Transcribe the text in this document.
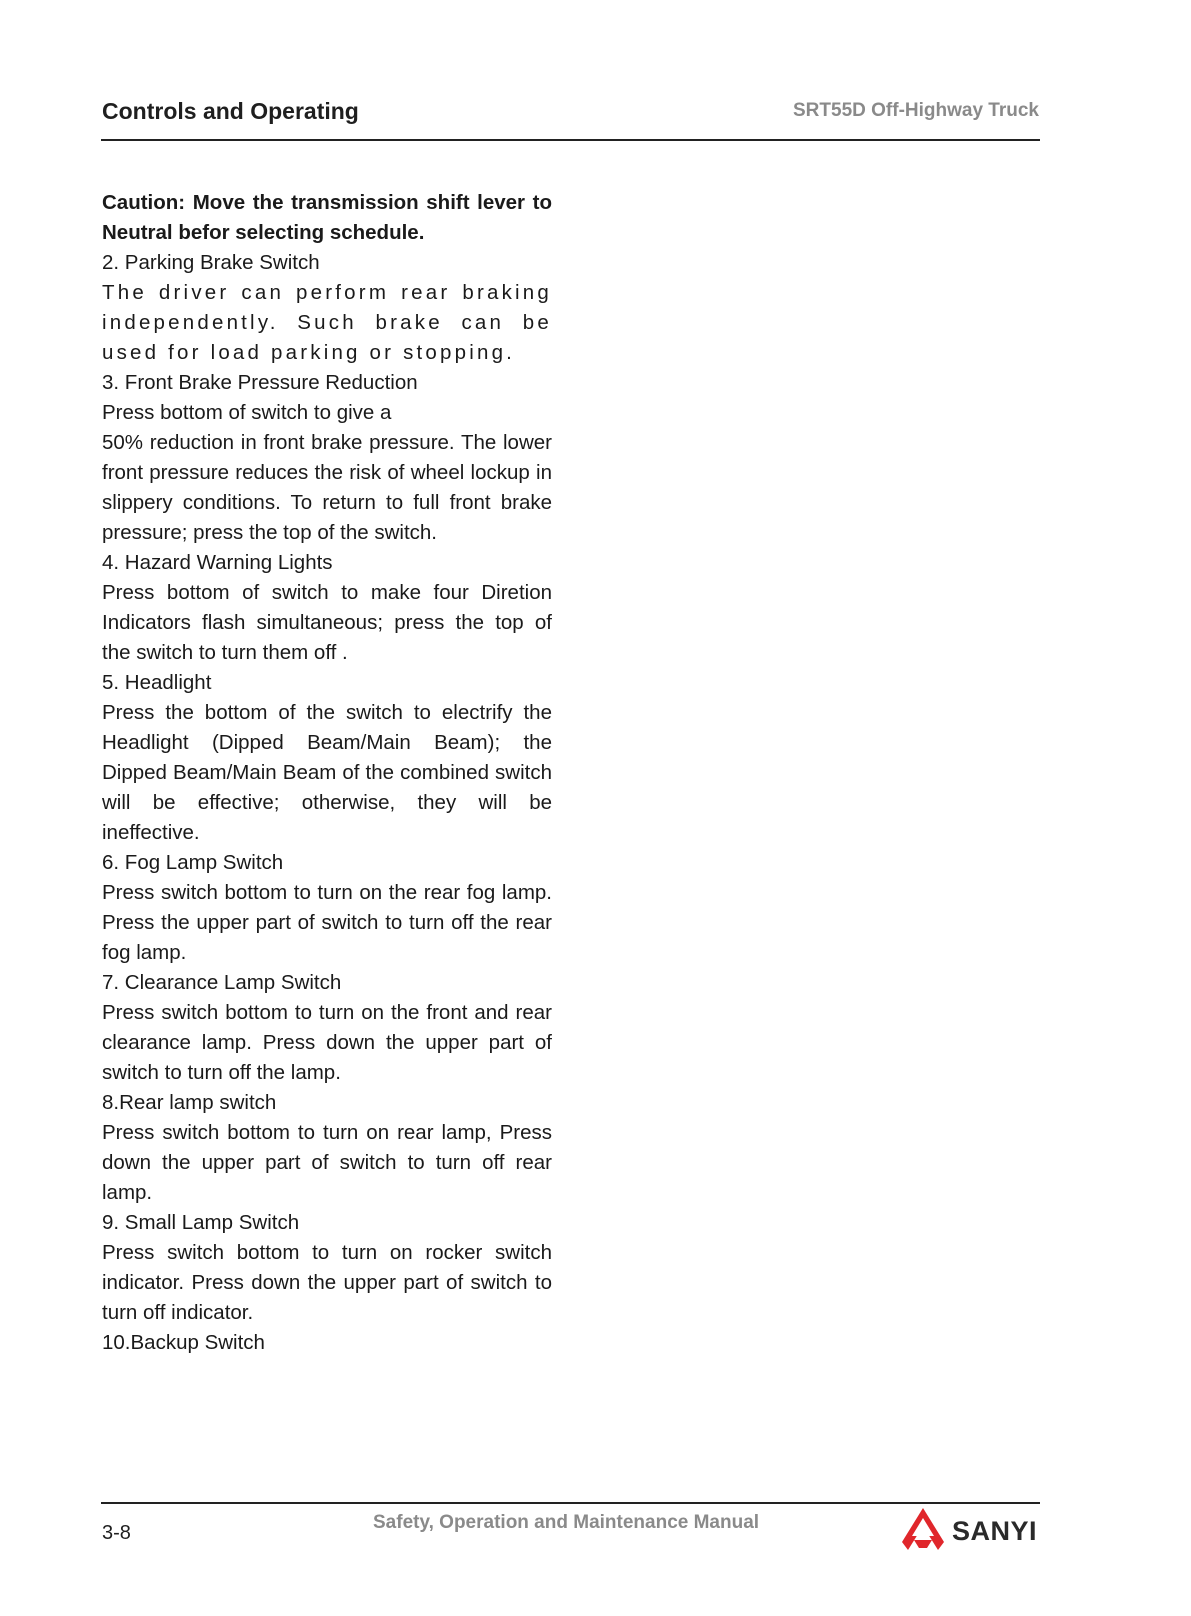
Controls and Operating	SRT55D Off-Highway Truck

Caution: Move the transmission shift lever to Neutral befor selecting schedule.

2. Parking Brake Switch

The driver can perform rear braking independently. Such brake can be used for load parking or stopping.

3. Front Brake Pressure Reduction

Press bottom of switch to give a

50% reduction in front brake pressure. The lower front pressure reduces the risk of wheel lockup in slippery conditions. To return to full front brake pressure; press the top of the switch.

4. Hazard Warning Lights

Press bottom of switch to make four Diretion Indicators flash simultaneous; press the top of the switch to turn them off .

5. Headlight

Press the bottom of the switch to electrify the Headlight (Dipped Beam/Main Beam); the Dipped Beam/Main Beam of the combined switch will be effective; otherwise, they will be ineffective.

6. Fog Lamp Switch

Press switch bottom to turn on the rear fog lamp. Press the upper part of switch to turn off the rear fog lamp.

7. Clearance Lamp Switch

Press switch bottom to turn on the front and rear clearance lamp. Press down the upper part of switch to turn off the lamp.

8.Rear lamp switch

Press switch bottom to turn on rear lamp, Press down the upper part of switch to turn off rear lamp.

9. Small Lamp Switch

Press switch bottom to turn on rocker switch indicator. Press down the upper part of switch to turn off indicator.

10.Backup Switch

3-8	Safety, Operation and Maintenance Manual	SANYI
